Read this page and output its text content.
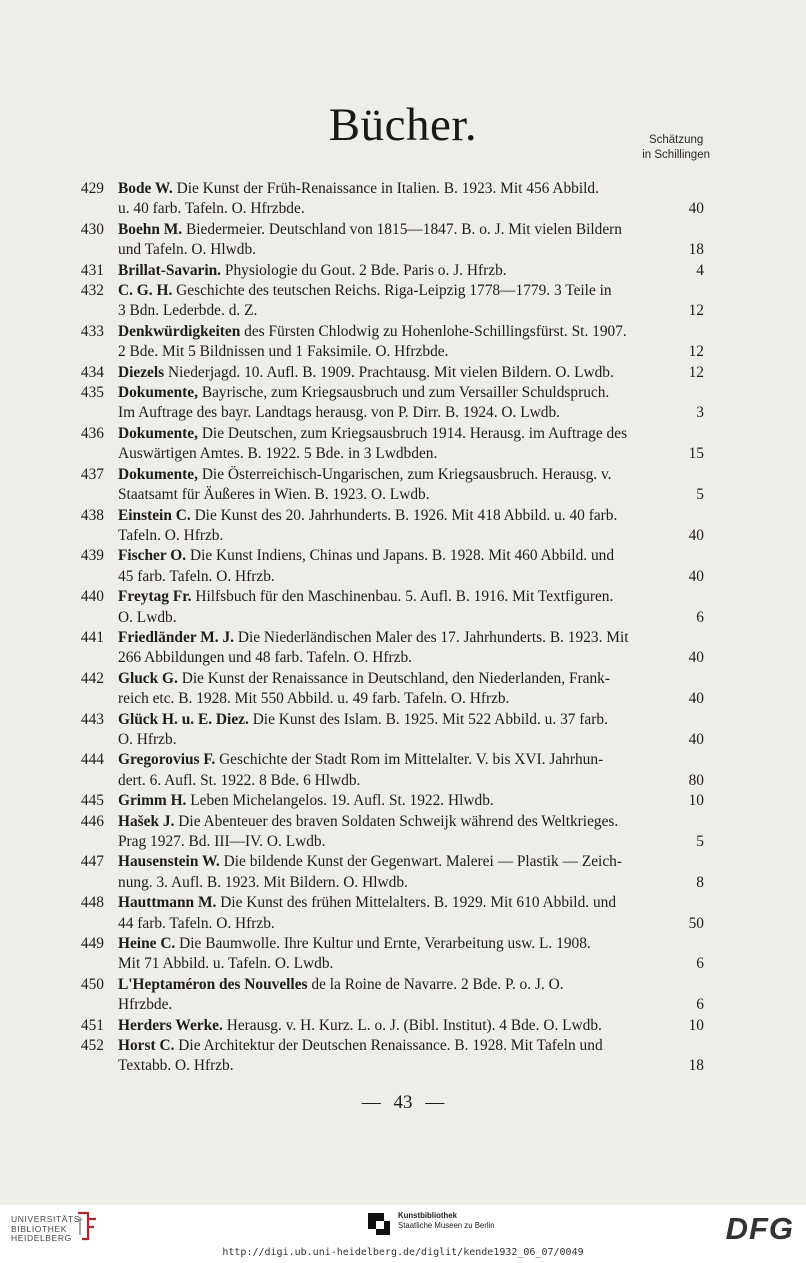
Bücher.	Schätzung
in Schillingen
429 Bode W. Die Kunst der Früh-Renaissance in Italien. B. 1923. Mit 456 Abbild.
u. 40 farb. Tafeln. O. Hfrzbde.	40
430 Boehn M. Biedermeier. Deutschland von 1815—1847. B. o. J. Mit vielen Bildern
und Tafeln. O. Hlwdb.	18
431 Brillat-Savarin. Physiologie du Gout. 2 Bde. Paris o. J. Hfrzb.	4
432 C. G. H. Geschichte des teutschen Reichs. Riga-Leipzig 1778—1779. 3 Teile in
3 Bdn. Lederbde. d. Z.	12
433 Denkwürdigkeiten des Fürsten Chlodwig zu Hohenlohe-Schillingsfürst. St. 1907.
2 Bde. Mit 5 Bildnissen und 1 Faksimile. O. Hfrzbde.	12
434 Diezels Niederjagd. 10. Aufl. B. 1909. Prachtausg. Mit vielen Bildern. O. Lwdb.	12
435 Dokumente, Bayrische, zum Kriegsausbruch und zum Versailler Schuldspruch.
Im Auftrage des bayr. Landtags herausg. von P. Dirr. B. 1924. O. Lwdb.	3
436 Dokumente, Die Deutschen, zum Kriegsausbruch 1914. Herausg. im Auftrage des
Auswärtigen Amtes. B. 1922. 5 Bde. in 3 Lwdbden.	15
437 Dokumente, Die Österreichisch-Ungarischen, zum Kriegsausbruch. Herausg. v.
Staatsamt für Äußeres in Wien. B. 1923. O. Lwdb.	5
438 Einstein C. Die Kunst des 20. Jahrhunderts. B. 1926. Mit 418 Abbild. u. 40 farb.
Tafeln. O. Hfrzb.	40
439 Fischer O. Die Kunst Indiens, Chinas und Japans. B. 1928. Mit 460 Abbild. und
45 farb. Tafeln. O. Hfrzb.	40
440 Freytag Fr. Hilfsbuch für den Maschinenbau. 5. Aufl. B. 1916. Mit Textfiguren.
O. Lwdb.	6
441 Friedländer M. J. Die Niederländischen Maler des 17. Jahrhunderts. B. 1923. Mit
266 Abbildungen und 48 farb. Tafeln. O. Hfrzb.	40
442 Gluck G. Die Kunst der Renaissance in Deutschland, den Niederlanden, Frank-
reich etc. B. 1928. Mit 550 Abbild. u. 49 farb. Tafeln. O. Hfrzb.	40
443 Glück H. u. E. Diez. Die Kunst des Islam. B. 1925. Mit 522 Abbild. u. 37 farb.
O. Hfrzb.	40
444 Gregorovius F. Geschichte der Stadt Rom im Mittelalter. V. bis XVI. Jahrhun-
dert. 6. Aufl. St. 1922. 8 Bde. 6 Hlwdb.	80
445 Grimm H. Leben Michelangelos. 19. Aufl. St. 1922. Hlwdb.	10
446 Hašek J. Die Abenteuer des braven Soldaten Schweijk während des Weltkrieges.
Prag 1927. Bd. III—IV. O. Lwdb.	5
447 Hausenstein W. Die bildende Kunst der Gegenwart. Malerei — Plastik — Zeich-
nung. 3. Aufl. B. 1923. Mit Bildern. O. Hlwdb.	8
448 Hauttmann M. Die Kunst des frühen Mittelalters. B. 1929. Mit 610 Abbild. und
44 farb. Tafeln. O. Hfrzb.	50
449 Heine C. Die Baumwolle. Ihre Kultur und Ernte, Verarbeitung usw. L. 1908.
Mit 71 Abbild. u. Tafeln. O. Lwdb.	6
450 L'Heptaméron des Nouvelles de la Roine de Navarre. 2 Bde. P. o. J. O.
Hfrzbde.	6
451 Herders Werke. Herausg. v. H. Kurz. L. o. J. (Bibl. Institut). 4 Bde. O. Lwdb.	10
452 Horst C. Die Architektur der Deutschen Renaissance. B. 1928. Mit Tafeln und
Textabb. O. Hfrzb.	18
— 43 —
UNIVERSITÄTS-
BIBLIOTHEK
HEIDELBERG
Kunstbibliothek
Staatliche Museen zu Berlin	DFG
http://digi.ub.uni-heidelberg.de/diglit/kende1932_06_07/0049
